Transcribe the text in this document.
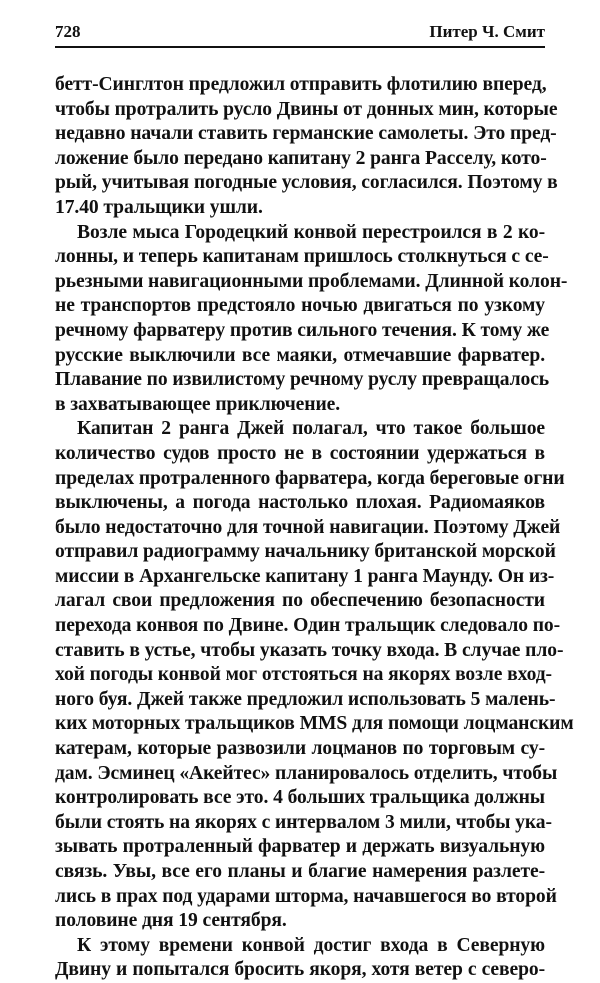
728	Питер Ч. Смит
бетт-Синглтон предложил отправить флотилию вперед,
чтобы протралить русло Двины от донных мин, которые
недавно начали ставить германские самолеты. Это пред-
ложение было передано капитану 2 ранга Расселу, кото-
рый, учитывая погодные условия, согласился. Поэтому в
17.40 тральщики ушли.
Возле мыса Городецкий конвой перестроился в 2 ко-
лонны, и теперь капитанам пришлось столкнуться с се-
рьезными навигационными проблемами. Длинной колон-
не транспортов предстояло ночью двигаться по узкому
речному фарватеру против сильного течения. К тому же
русские выключили все маяки, отмечавшие фарватер.
Плавание по извилистому речному руслу превращалось
в захватывающее приключение.
Капитан 2 ранга Джей полагал, что такое большое
количество судов просто не в состоянии удержаться в
пределах протраленного фарватера, когда береговые огни
выключены, а погода настолько плохая. Радиомаяков
было недостаточно для точной навигации. Поэтому Джей
отправил радиограмму начальнику британской морской
миссии в Архангельске капитану 1 ранга Маунду. Он из-
лагал свои предложения по обеспечению безопасности
перехода конвоя по Двине. Один тральщик следовало по-
ставить в устье, чтобы указать точку входа. В случае пло-
хой погоды конвой мог отстояться на якорях возле вход-
ного буя. Джей также предложил использовать 5 малень-
ких моторных тральщиков MMS для помощи лоцманским
катерам, которые развозили лоцманов по торговым су-
дам. Эсминец «Акейтес» планировалось отделить, чтобы
контролировать все это. 4 больших тральщика должны
были стоять на якорях с интервалом 3 мили, чтобы ука-
зывать протраленный фарватер и держать визуальную
связь. Увы, все его планы и благие намерения разлете-
лись в прах под ударами шторма, начавшегося во второй
половине дня 19 сентября.
К этому времени конвой достиг входа в Северную
Двину и попытался бросить якоря, хотя ветер с северо-
